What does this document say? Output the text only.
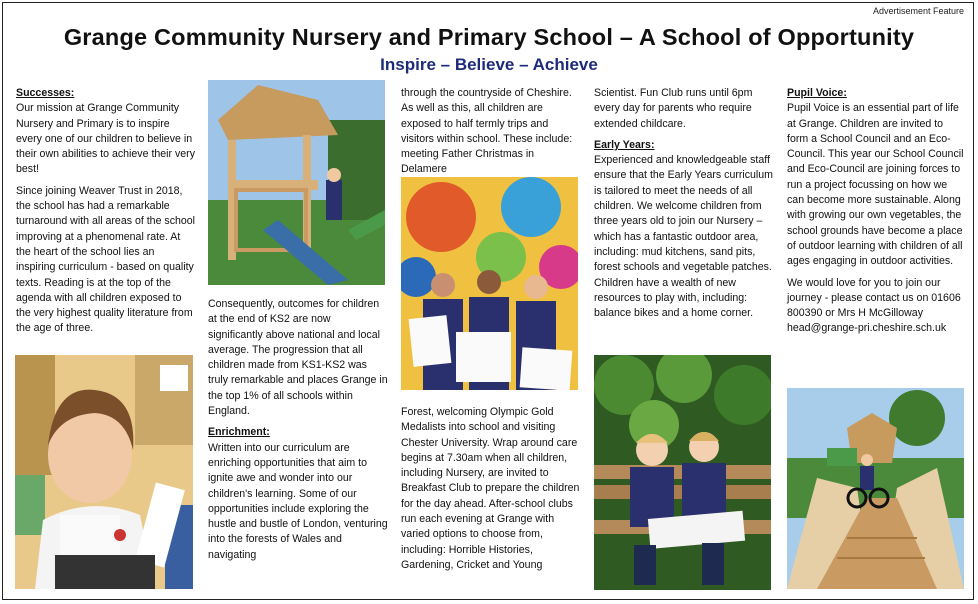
Advertisement Feature
Grange Community Nursery and Primary School – A School of Opportunity
Inspire – Believe – Achieve
Successes:

Our mission at Grange Community Nursery and Primary is to inspire every one of our children to believe in their own abilities to achieve their very best!

Since joining Weaver Trust in 2018, the school has had a remarkable turnaround with all areas of the school improving at a phenomenal rate. At the heart of the school lies an inspiring curriculum - based on quality texts. Reading is at the top of the agenda with all children exposed to the very highest quality literature from the age of three.

Consequently, outcomes for children at the end of KS2 are now significantly above national and local average. The progression that all children made from KS1-KS2 was truly remarkable and places Grange in the top 1% of all schools within England.

Enrichment:

Written into our curriculum are enriching opportunities that aim to ignite awe and wonder into our children's learning. Some of our opportunities include exploring the hustle and bustle of London, venturing into the forests of Wales and navigating

through the countryside of Cheshire. As well as this, all children are exposed to half termly trips and visitors within school. These include: meeting Father Christmas in Delamere

Forest, welcoming Olympic Gold Medalists into school and visiting Chester University. Wrap around care begins at 7.30am when all children, including Nursery, are invited to Breakfast Club to prepare the children for the day ahead. After-school clubs run each evening at Grange with varied options to choose from, including: Horrible Histories, Gardening, Cricket and Young

Scientist. Fun Club runs until 6pm every day for parents who require extended childcare.

Early Years:

Experienced and knowledgeable staff ensure that the Early Years curriculum is tailored to meet the needs of all children. We welcome children from three years old to join our Nursery – which has a fantastic outdoor area, including: mud kitchens, sand pits, forest schools and vegetable patches. Children have a wealth of new resources to play with, including: balance bikes and a home corner.

Pupil Voice:

Pupil Voice is an essential part of life at Grange. Children are invited to form a School Council and an Eco-Council. This year our School Council and Eco-Council are joining forces to run a project focussing on how we can become more sustainable. Along with growing our own vegetables, the school grounds have become a place of outdoor learning with children of all ages engaging in outdoor activities.

We would love for you to join our journey - please contact us on 01606 800390 or Mrs H McGilloway head@grange-pri.cheshire.sch.uk
